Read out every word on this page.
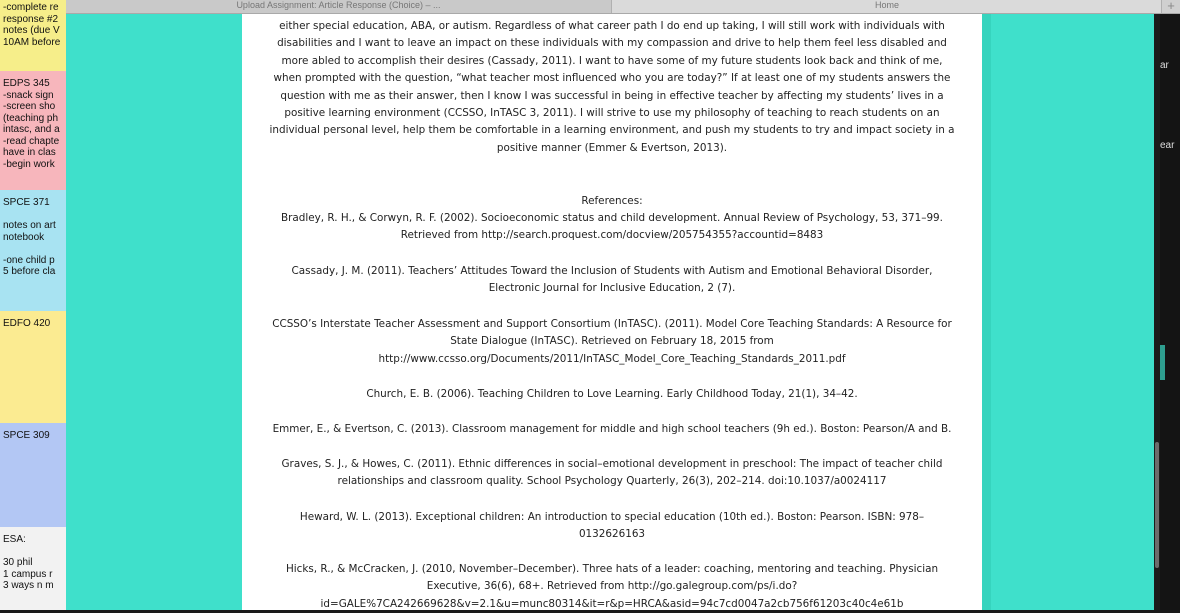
-complete re
response #2
notes (due V
10AM before
EDPS 345
-snack sign
-screen sho
(teaching ph
intasc, and a
-read chapte
have in clas
-begin work
SPCE 371
notes on art
notebook
-one child p
5 before cla
EDFO 420
SPCE 309
ESA:
30 phil
1 campus r
3 ways n m
Upload Assignment: Article Response (Choice) – ...	Home	+
either special education, ABA, or autism. Regardless of what career path I do end up taking, I will still work with individuals with
disabilities and I want to leave an impact on these individuals with my compassion and drive to help them feel less disabled and
more abled to accomplish their desires (Cassady, 2011). I want to have some of my future students look back and think of me,
when prompted with the question, “what teacher most influenced who you are today?” If at least one of my students answers the
question with me as their answer, then I know I was successful in being in effective teacher by affecting my students’ lives in a
positive learning environment (CCSSO, InTASC 3, 2011). I will strive to use my philosophy of teaching to reach students on an
individual personal level, help them be comfortable in a learning environment, and push my students to try and impact society in a
positive manner (Emmer & Evertson, 2013).
References:
Bradley, R. H., & Corwyn, R. F. (2002). Socioeconomic status and child development. Annual Review of Psychology, 53, 371–99.
Retrieved from http://search.proquest.com/docview/205754355?accountid=8483
Cassady, J. M. (2011). Teachers’ Attitudes Toward the Inclusion of Students with Autism and Emotional Behavioral Disorder,
Electronic Journal for Inclusive Education, 2 (7).
CCSSO’s Interstate Teacher Assessment and Support Consortium (InTASC). (2011). Model Core Teaching Standards: A Resource for
State Dialogue (InTASC). Retrieved on February 18, 2015 from
http://www.ccsso.org/Documents/2011/InTASC_Model_Core_Teaching_Standards_2011.pdf
Church, E. B. (2006). Teaching Children to Love Learning. Early Childhood Today, 21(1), 34–42.
Emmer, E., & Evertson, C. (2013). Classroom management for middle and high school teachers (9h ed.). Boston: Pearson/A and B.
Graves, S. J., & Howes, C. (2011). Ethnic differences in social–emotional development in preschool: The impact of teacher child
relationships and classroom quality. School Psychology Quarterly, 26(3), 202–214. doi:10.1037/a0024117
Heward, W. L. (2013). Exceptional children: An introduction to special education (10th ed.). Boston: Pearson. ISBN: 978–
0132626163
Hicks, R., & McCracken, J. (2010, November–December). Three hats of a leader: coaching, mentoring and teaching. Physician
Executive, 36(6), 68+. Retrieved from http://go.galegroup.com/ps/i.do?
id=GALE%7CA242669628&v=2.1&u=munc80314&it=r&p=HRCA&asid=94c7cd0047a2cb756f61203c40c4e61b
ar
ear
